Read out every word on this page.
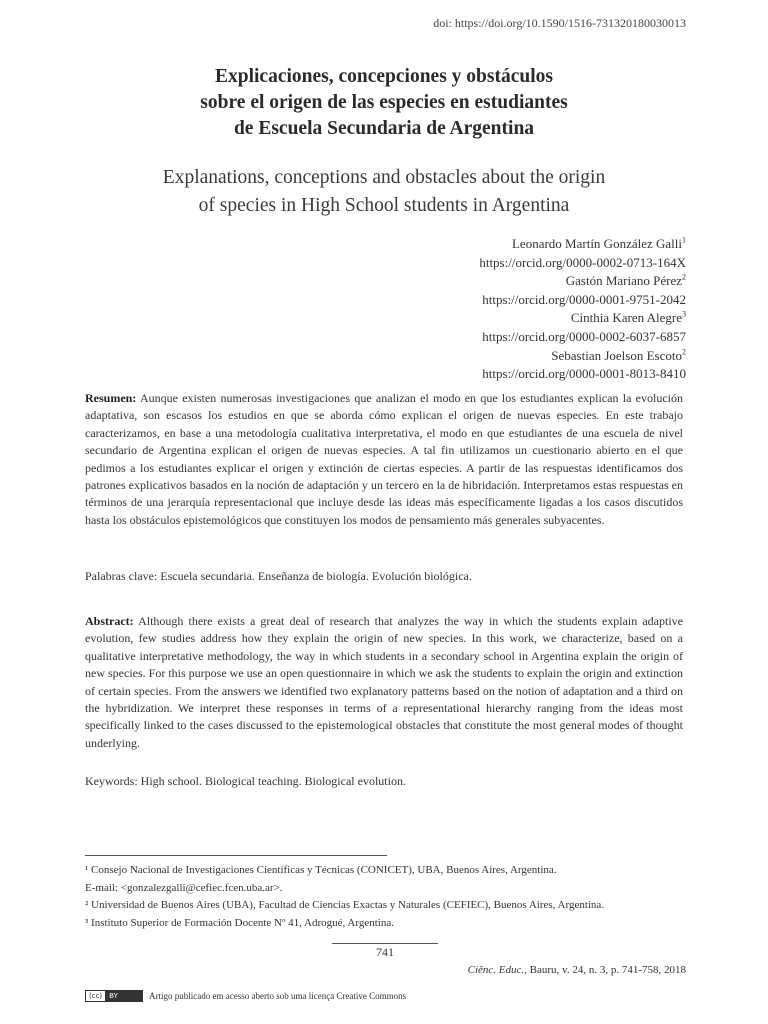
doi: https://doi.org/10.1590/1516-731320180030013
Explicaciones, concepciones y obstáculos
sobre el origen de las especies en estudiantes
de Escuela Secundaria de Argentina
Explanations, conceptions and obstacles about the origin
of species in High School students in Argentina
Leonardo Martín González Galli$^1$
https://orcid.org/0000-0002-0713-164X
Gastón Mariano Pérez$^2$
https://orcid.org/0000-0001-9751-2042
Cinthia Karen Alegre$^3$
https://orcid.org/0000-0002-6037-6857
Sebastian Joelson Escoto$^2$
https://orcid.org/0000-0001-8013-8410
Resumen: Aunque existen numerosas investigaciones que analizan el modo en que los estudiantes explican la evolución adaptativa, son escasos los estudios en que se aborda cómo explican el origen de nuevas especies. En este trabajo caracterizamos, en base a una metodología cualitativa interpretativa, el modo en que estudiantes de una escuela de nivel secundario de Argentina explican el origen de nuevas especies. A tal fin utilizamos un cuestionario abierto en el que pedimos a los estudiantes explicar el origen y extinción de ciertas especies. A partir de las respuestas identificamos dos patrones explicativos basados en la noción de adaptación y un tercero en la de hibridación. Interpretamos estas respuestas en términos de una jerarquía representacional que incluye desde las ideas más específicamente ligadas a los casos discutidos hasta los obstáculos epistemológicos que constituyen los modos de pensamiento más generales subyacentes.
Palabras clave: Escuela secundaria. Enseñanza de biología. Evolución biológica.
Abstract: Although there exists a great deal of research that analyzes the way in which the students explain adaptive evolution, few studies address how they explain the origin of new species. In this work, we characterize, based on a qualitative interpretative methodology, the way in which students in a secondary school in Argentina explain the origin of new species. For this purpose we use an open questionnaire in which we ask the students to explain the origin and extinction of certain species. From the answers we identified two explanatory patterns based on the notion of adaptation and a third on the hybridization. We interpret these responses in terms of a representational hierarchy ranging from the ideas most specifically linked to the cases discussed to the epistemological obstacles that constitute the most general modes of thought underlying.
Keywords: High school. Biological teaching. Biological evolution.
¹ Consejo Nacional de Investigaciones Científicas y Técnicas (CONICET), UBA, Buenos Aires, Argentina.
E-mail: <gonzalezgalli@cefiec.fcen.uba.ar>.
² Universidad de Buenos Aires (UBA), Facultad de Ciencias Exactas y Naturales (CEFIEC), Buenos Aires, Argentina.
³ Instituto Superior de Formación Docente Nº 41, Adrogué, Argentina.
741
Ciênc. Educ., Bauru, v. 24, n. 3, p. 741-758, 2018
(cc)	BY	Artigo publicado em acesso aberto sob uma licença Creative Commons
